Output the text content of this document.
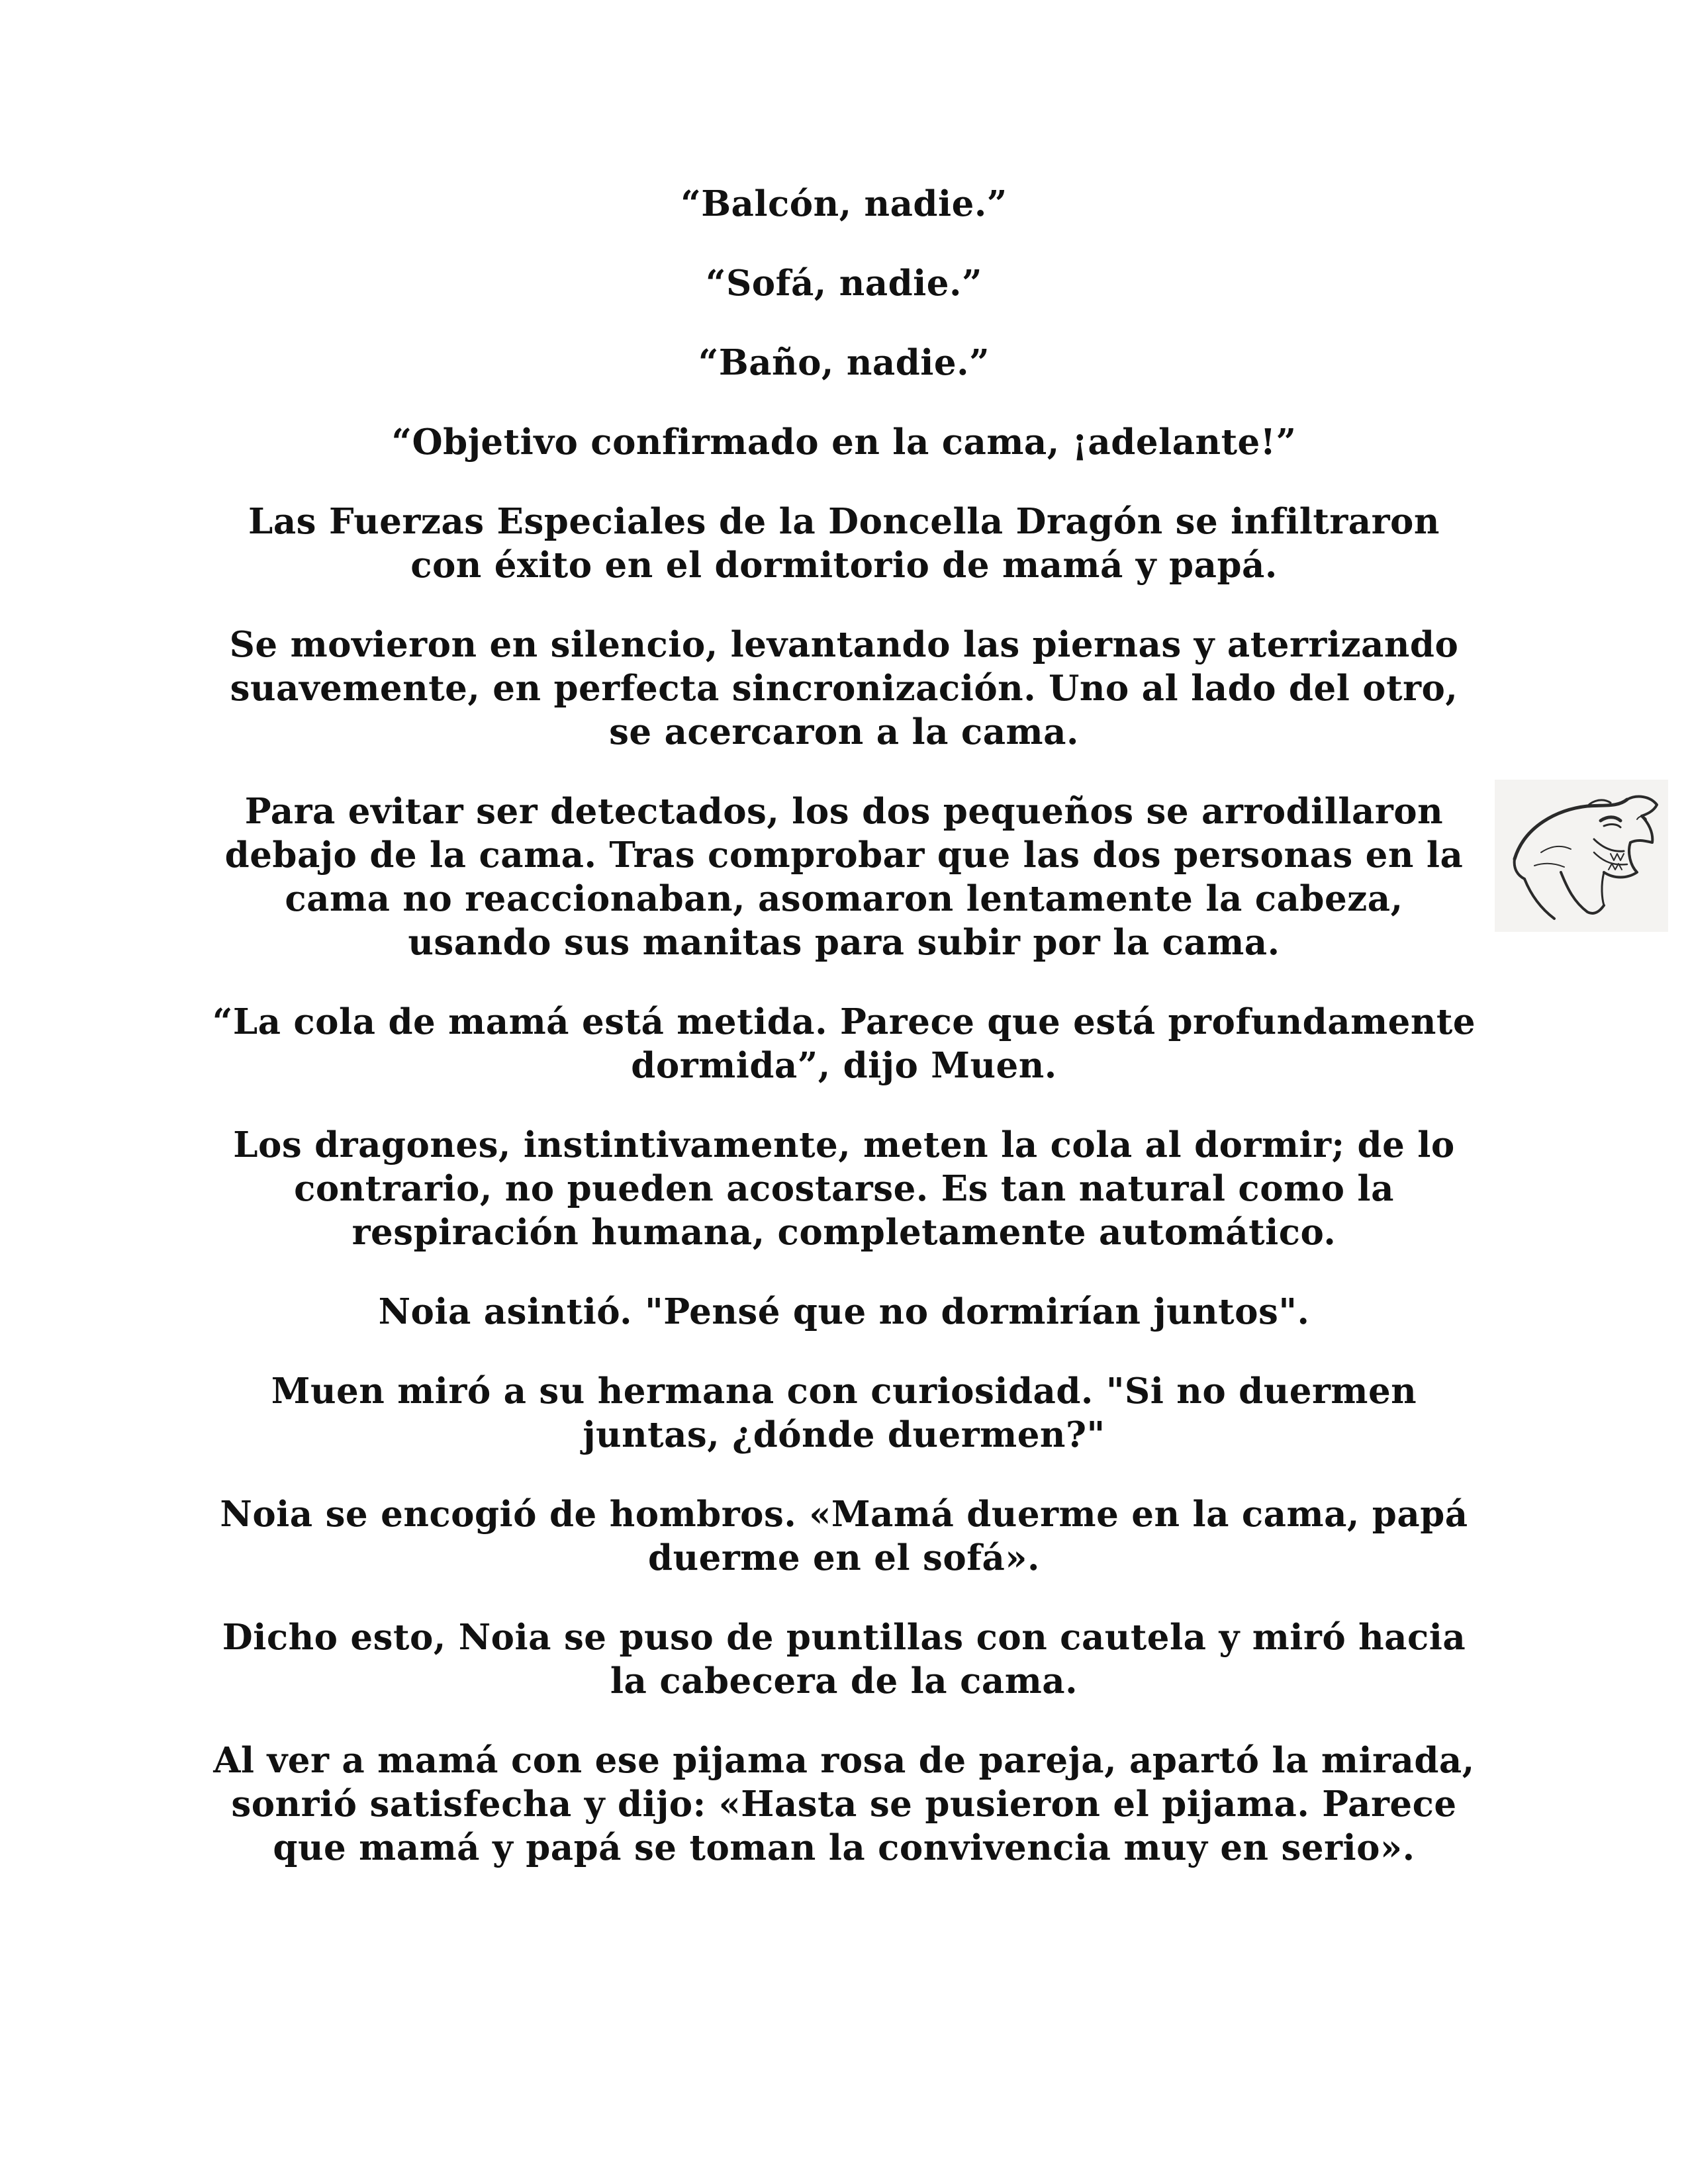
“Balcón, nadie.”

“Sofá, nadie.”

“Baño, nadie.”

“Objetivo confirmado en la cama, ¡adelante!”

Las Fuerzas Especiales de la Doncella Dragón se infiltraron
con éxito en el dormitorio de mamá y papá.

Se movieron en silencio, levantando las piernas y aterrizando
suavemente, en perfecta sincronización. Uno al lado del otro,
se acercaron a la cama.

Para evitar ser detectados, los dos pequeños se arrodillaron
debajo de la cama. Tras comprobar que las dos personas en la
cama no reaccionaban, asomaron lentamente la cabeza,
usando sus manitas para subir por la cama.

“La cola de mamá está metida. Parece que está profundamente
dormida”, dijo Muen.

Los dragones, instintivamente, meten la cola al dormir; de lo
contrario, no pueden acostarse. Es tan natural como la
respiración humana, completamente automático.

Noia asintió. "Pensé que no dormirían juntos".

Muen miró a su hermana con curiosidad. "Si no duermen
juntas, ¿dónde duermen?"

Noia se encogió de hombros. «Mamá duerme en la cama, papá
duerme en el sofá».

Dicho esto, Noia se puso de puntillas con cautela y miró hacia
la cabecera de la cama.

Al ver a mamá con ese pijama rosa de pareja, apartó la mirada,
sonrió satisfecha y dijo: «Hasta se pusieron el pijama. Parece
que mamá y papá se toman la convivencia muy en serio».
